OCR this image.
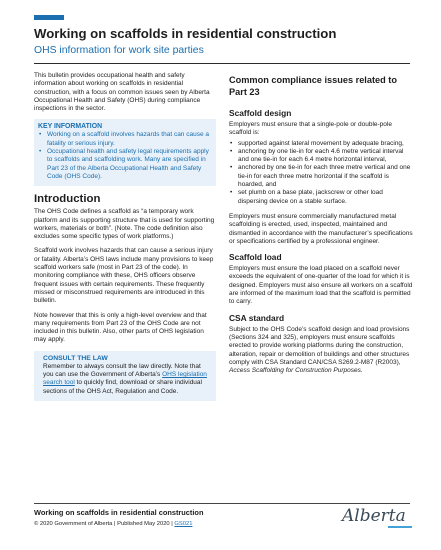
Working on scaffolds in residential construction
OHS information for work site parties

This bulletin provides occupational health and safety information about working on scaffolds in residential construction, with a focus on common issues seen by Alberta Occupational Health and Safety (OHS) during compliance inspections in the sector.

KEY INFORMATION
• Working on a scaffold involves hazards that can cause a fatality or serious injury.
• Occupational health and safety legal requirements apply to scaffolds and scaffolding work. Many are specified in Part 23 of the Alberta Occupational Health and Safety Code (OHS Code).
Introduction

The OHS Code defines a scaffold as “a temporary work platform and its supporting structure that is used for supporting workers, materials or both”. (Note. The code definition also excludes some specific types of work platforms.)

Scaffold work involves hazards that can cause a serious injury or fatality. Alberta’s OHS laws include many provisions to keep scaffold workers safe (most in Part 23 of the code). In monitoring compliance with these, OHS officers observe frequent issues with certain requirements. These frequently missed or misconstrued requirements are introduced in this bulletin.

Note however that this is only a high-level overview and that many requirements from Part 23 of the OHS Code are not included in this bulletin. Also, other parts of OHS legislation may apply.

CONSULT THE LAW

Remember to always consult the law directly. Note that you can use the Government of Alberta’s OHS legislation search tool to quickly find, download or share individual sections of the OHS Act, Regulation and Code.

Common compliance issues related to Part 23
Scaffold design

Employers must ensure that a single-pole or double-pole scaffold is:

• supported against lateral movement by adequate bracing,
• anchoring by one tie-in for each 4.6 metre vertical interval and one tie-in for each 6.4 metre horizontal interval,
• anchored by one tie-in for each three metre vertical and one tie-in for each three metre horizontal if the scaffold is hoarded, and
• set plumb on a base plate, jackscrew or other load dispersing device on a stable surface.

Employers must ensure commercially manufactured metal scaffolding is erected, used, inspected, maintained and dismantled in accordance with the manufacturer’s specifications or specifications certified by a professional engineer.

Scaffold load

Employers must ensure the load placed on a scaffold never exceeds the equivalent of one-quarter of the load for which it is designed. Employers must also ensure all workers on a scaffold are informed of the maximum load that the scaffold is permitted to carry.

CSA standard

Subject to the OHS Code’s scaffold design and load provisions (Sections 324 and 325), employers must ensure scaffolds erected to provide working platforms during the construction, alteration, repair or demolition of buildings and other structures comply with CSA Standard CAN/CSA S269.2-M87 (R2003), Access Scaffolding for Construction Purposes.

Working on scaffolds in residential construction
© 2020 Government of Alberta | Published May 2020 | GS021	Alberta
